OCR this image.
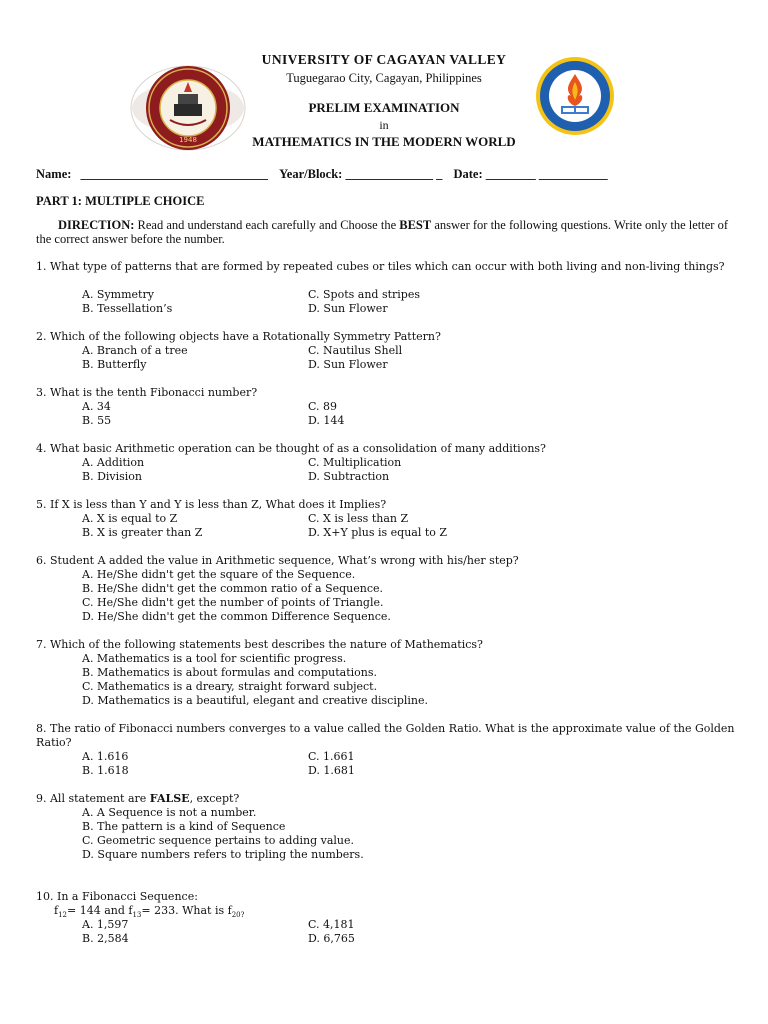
1948
UNIVERSITY OF CAGAYAN VALLEY
Tuguegarao City, Cagayan, Philippines
PRELIM EXAMINATION
in
MATHEMATICS IN THE MODERN WORLD
Name: ______________________________ Year/Block: ______________ _ Date: ________ ___________
PART 1: MULTIPLE CHOICE
DIRECTION: Read and understand each carefully and Choose the BEST answer for the following questions. Write only the letter of the correct answer before the number.
1. What type of patterns that are formed by repeated cubes or tiles which can occur with both living and non-living things?
A. Symmetry
B. Tessellation’s
C. Spots and stripes
D. Sun Flower
2. Which of the following objects have a Rotationally Symmetry Pattern?
A. Branch of a tree
B. Butterfly
C. Nautilus Shell
D. Sun Flower
3. What is the tenth Fibonacci number?
A. 34
B. 55
C. 89
D. 144
4. What basic Arithmetic operation can be thought of as a consolidation of many additions?
A. Addition
B. Division
C. Multiplication
D. Subtraction
5. If X is less than Y and Y is less than Z, What does it Implies?
A. X is equal to Z
B. X is greater than Z
C. X is less than Z
D. X+Y plus is equal to Z
6. Student A added the value in Arithmetic sequence, What’s wrong with his/her step?
A. He/She didn't get the square of the Sequence.
B. He/She didn't get the common ratio of a Sequence.
C. He/She didn't get the number of points of Triangle.
D. He/She didn't get the common Difference Sequence.
7. Which of the following statements best describes the nature of Mathematics?
A. Mathematics is a tool for scientific progress.
B. Mathematics is about formulas and computations.
C. Mathematics is a dreary, straight forward subject.
D. Mathematics is a beautiful, elegant and creative discipline.
8. The ratio of Fibonacci numbers converges to a value called the Golden Ratio. What is the approximate value of the Golden Ratio?
A. 1.616
B. 1.618
C. 1.661
D. 1.681
9. All statement are FALSE, except?
A. A Sequence is not a number.
B. The pattern is a kind of Sequence
C. Geometric sequence pertains to adding value.
D. Square numbers refers to tripling the numbers.
10. In a Fibonacci Sequence:
$f_{12}= 144$ and $f_{13}= 233$. What is $f_{20?}$
A. 1,597
B. 2,584
C. 4,181
D. 6,765
